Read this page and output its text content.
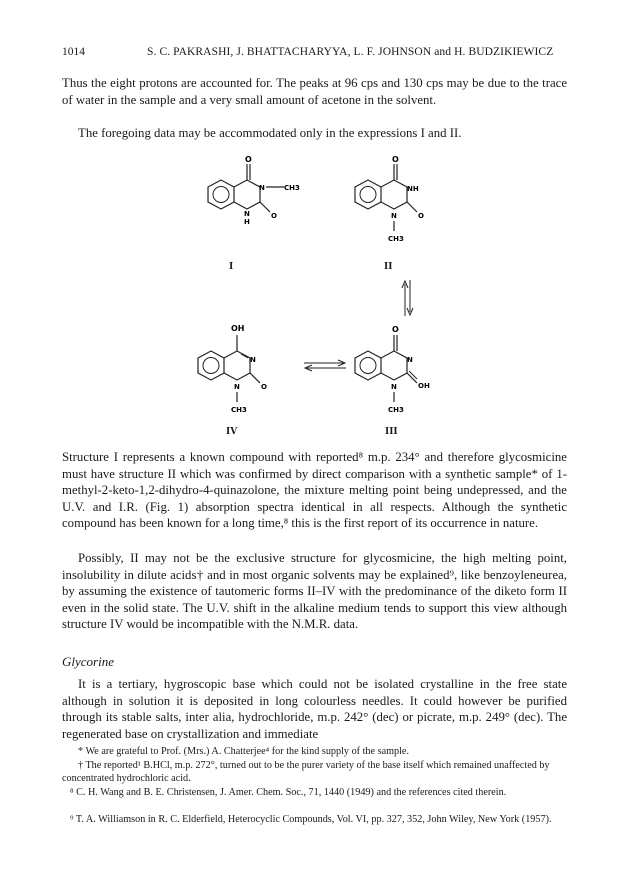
1014	S. C. PAKRASHI, J. BHATTACHARYYA, L. F. JOHNSON and H. BUDZIKIEWICZ

Thus the eight protons are accounted for. The peaks at 96 cps and 130 cps may be due to the trace of water in the sample and a very small amount of acetone in the solvent.

The foregoing data may be accommodated only in the expressions I and II.

O
N	CH3
O
N
H
I
O
NH
O
N
CH3
II
OH
N
O
N
CH3
IV
O
N
OH
N
CH3
III

Structure I represents a known compound with reported⁸ m.p. 234° and therefore glycosmicine must have structure II which was confirmed by direct comparison with a synthetic sample* of 1-methyl-2-keto-1,2-dihydro-4-quinazolone, the mixture melting point being undepressed, and the U.V. and I.R. (Fig. 1) absorption spectra identical in all respects. Although the synthetic compound has been known for a long time,⁸ this is the first report of its occurrence in nature.

Possibly, II may not be the exclusive structure for glycosmicine, the high melting point, insolubility in dilute acids† and in most organic solvents may be explained⁹, like benzoyleneurea, by assuming the existence of tautomeric forms II–IV with the predominance of the diketo form II even in the solid state. The U.V. shift in the alkaline medium tends to support this view although structure IV would be incompatible with the N.M.R. data.

Glycorine

It is a tertiary, hygroscopic base which could not be isolated crystalline in the free state although in solution it is deposited in long colourless needles. It could however be purified through its stable salts, inter alia, hydrochloride, m.p. 242° (dec) or picrate, m.p. 249° (dec). The regenerated base on crystallization and immediate

* We are grateful to Prof. (Mrs.) A. Chatterjee⁴ for the kind supply of the sample.

† The reported¹ B.HCl, m.p. 272°, turned out to be the purer variety of the base itself which remained unaffected by concentrated hydrochloric acid.

⁸ C. H. Wang and B. E. Christensen, J. Amer. Chem. Soc., 71, 1440 (1949) and the references cited therein.

⁹ T. A. Williamson in R. C. Elderfield, Heterocyclic Compounds, Vol. VI, pp. 327, 352, John Wiley, New York (1957).
